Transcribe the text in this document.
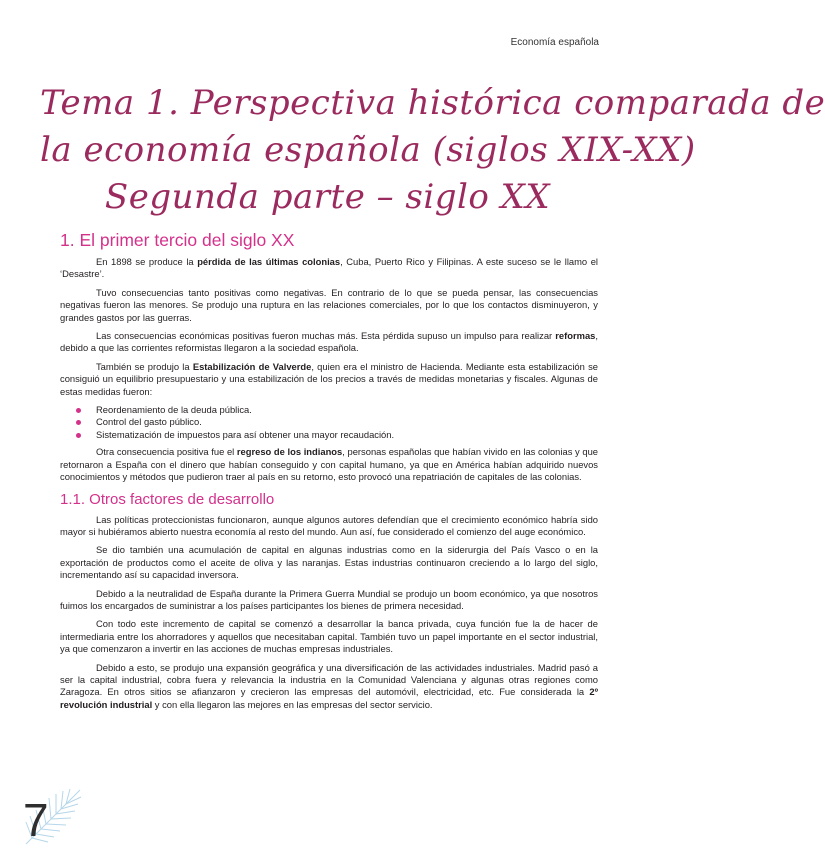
Economía española
Tema 1. Perspectiva histórica comparada de
la economía española (siglos XIX-XX)
Segunda parte – siglo XX
1. El primer tercio del siglo XX

En 1898 se produce la pérdida de las últimas colonias, Cuba, Puerto Rico y Filipinas. A este suceso se le llamo el ‘Desastre’.

Tuvo consecuencias tanto positivas como negativas. En contrario de lo que se pueda pensar, las consecuencias negativas fueron las menores. Se produjo una ruptura en las relaciones comerciales, por lo que los contactos disminuyeron, y grandes gastos por las guerras.

Las consecuencias económicas positivas fueron muchas más. Esta pérdida supuso un impulso para realizar reformas, debido a que las corrientes reformistas llegaron a la sociedad española.

También se produjo la Estabilización de Valverde, quien era el ministro de Hacienda. Mediante esta estabilización se consiguió un equilibrio presupuestario y una estabilización de los precios a través de medidas monetarias y fiscales. Algunas de estas medidas fueron:

Reordenamiento de la deuda pública.
Control del gasto público.
Sistematización de impuestos para así obtener una mayor recaudación.

Otra consecuencia positiva fue el regreso de los indianos, personas españolas que habían vivido en las colonias y que retornaron a España con el dinero que habían conseguido y con capital humano, ya que en América habían adquirido nuevos conocimientos y métodos que pudieron traer al país en su retorno, esto provocó una repatriación de capitales de las colonias.

1.1. Otros factores de desarrollo

Las políticas proteccionistas funcionaron, aunque algunos autores defendían que el crecimiento económico habría sido mayor si hubiéramos abierto nuestra economía al resto del mundo. Aun así, fue considerado el comienzo del auge económico.

Se dio también una acumulación de capital en algunas industrias como en la siderurgia del País Vasco o en la exportación de productos como el aceite de oliva y las naranjas. Estas industrias continuaron creciendo a lo largo del siglo, incrementando así su capacidad inversora.

Debido a la neutralidad de España durante la Primera Guerra Mundial se produjo un boom económico, ya que nosotros fuimos los encargados de suministrar a los países participantes los bienes de primera necesidad.

Con todo este incremento de capital se comenzó a desarrollar la banca privada, cuya función fue la de hacer de intermediaria entre los ahorradores y aquellos que necesitaban capital. También tuvo un papel importante en el sector industrial, ya que comenzaron a invertir en las acciones de muchas empresas industriales.

Debido a esto, se produjo una expansión geográfica y una diversificación de las actividades industriales. Madrid pasó a ser la capital industrial, cobra fuera y relevancia la industria en la Comunidad Valenciana y algunas otras regiones como Zaragoza. En otros sitios se afianzaron y crecieron las empresas del automóvil, electricidad, etc. Fue considerada la 2º revolución industrial y con ella llegaron las mejores en las empresas del sector servicio.

7
